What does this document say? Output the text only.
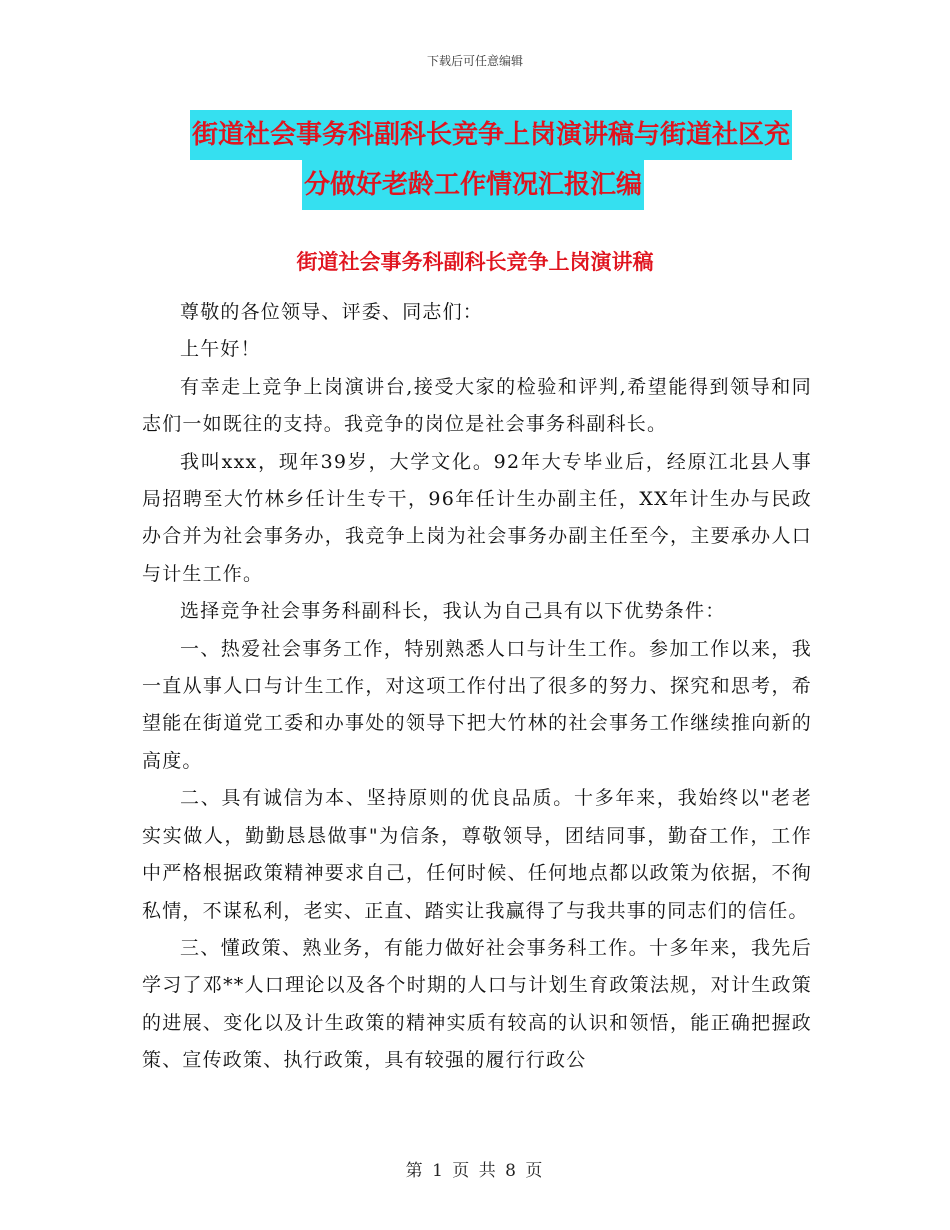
下载后可任意编辑
街道社会事务科副科长竞争上岗演讲稿与街道社区充
分做好老龄工作情况汇报汇编
街道社会事务科副科长竞争上岗演讲稿

尊敬的各位领导、评委、同志们：

上午好！

有幸走上竞争上岗演讲台,接受大家的检验和评判,希望能得到领导和同志们一如既往的支持。我竞争的岗位是社会事务科副科长。

我叫xxx，现年39岁，大学文化。92年大专毕业后，经原江北县人事局招聘至大竹林乡任计生专干，96年任计生办副主任，XX年计生办与民政办合并为社会事务办，我竞争上岗为社会事务办副主任至今，主要承办人口与计生工作。

选择竞争社会事务科副科长，我认为自己具有以下优势条件：

一、热爱社会事务工作，特别熟悉人口与计生工作。参加工作以来，我一直从事人口与计生工作，对这项工作付出了很多的努力、探究和思考，希望能在街道党工委和办事处的领导下把大竹林的社会事务工作继续推向新的高度。

二、具有诚信为本、坚持原则的优良品质。十多年来，我始终以"老老实实做人，勤勤恳恳做事"为信条，尊敬领导，团结同事，勤奋工作，工作中严格根据政策精神要求自己，任何时候、任何地点都以政策为依据，不徇私情，不谋私利，老实、正直、踏实让我赢得了与我共事的同志们的信任。

三、懂政策、熟业务，有能力做好社会事务科工作。十多年来，我先后学习了邓**人口理论以及各个时期的人口与计划生育政策法规，对计生政策的进展、变化以及计生政策的精神实质有较高的认识和领悟，能正确把握政策、宣传政策、执行政策，具有较强的履行行政公

第 1 页 共 8 页
